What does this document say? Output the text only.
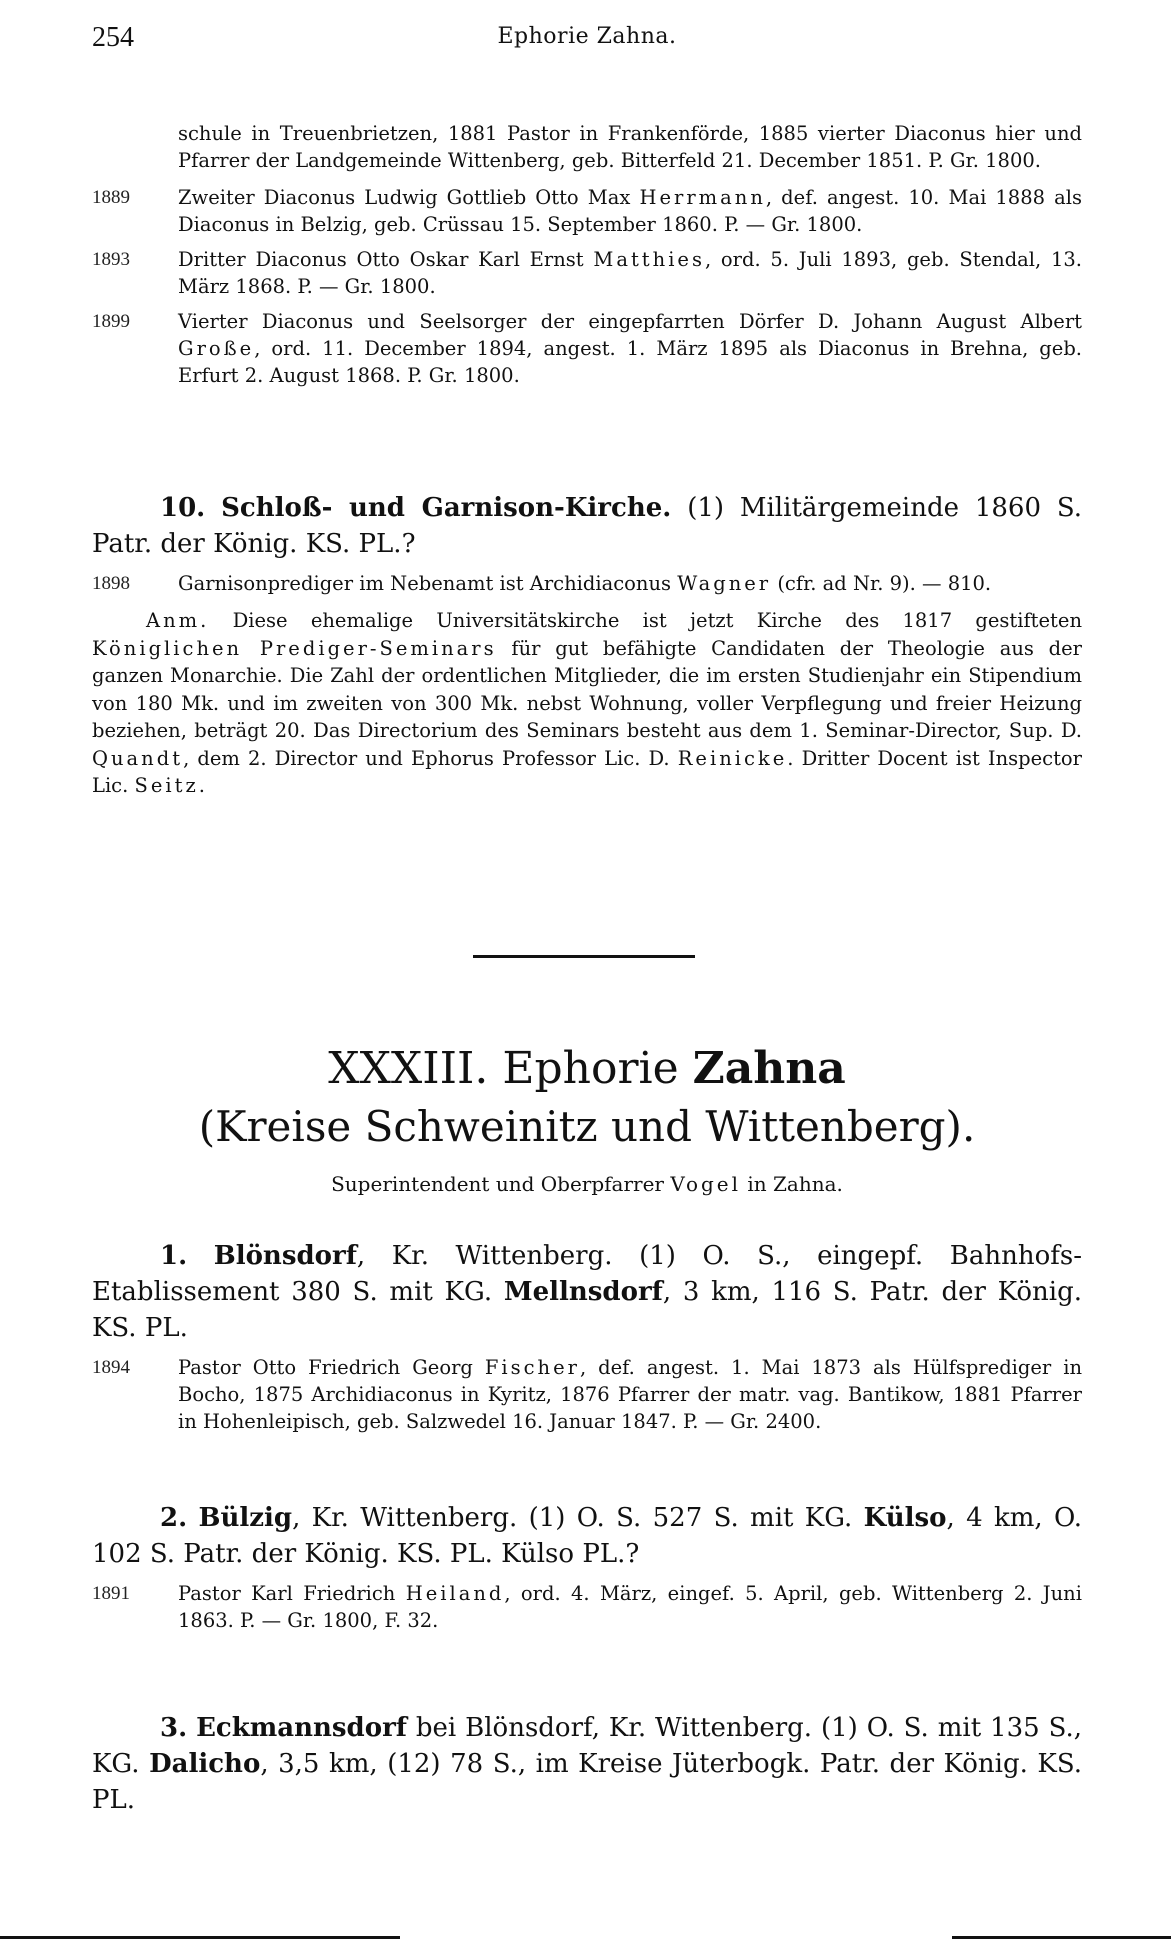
254	Ephorie Zahna.
schule in Treuenbrietzen, 1881 Pastor in Frankenförde, 1885 vierter Diaconus hier und Pfarrer der Landgemeinde Wittenberg, geb. Bitterfeld 21. December 1851. P. Gr. 1800.
1889	Zweiter Diaconus Ludwig Gottlieb Otto Max Herrmann, def. angest. 10. Mai 1888 als Diaconus in Belzig, geb. Crüssau 15. September 1860. P. — Gr. 1800.
1893	Dritter Diaconus Otto Oskar Karl Ernst Matthies, ord. 5. Juli 1893, geb. Stendal, 13. März 1868. P. — Gr. 1800.
1899	Vierter Diaconus und Seelsorger der eingepfarrten Dörfer D. Johann August Albert Große, ord. 11. December 1894, angest. 1. März 1895 als Diaconus in Brehna, geb. Erfurt 2. August 1868. P. Gr. 1800.
10. Schloß- und Garnison-Kirche. (1) Militärgemeinde 1860 S. Patr. der König. KS. PL.?
1898	Garnisonprediger im Nebenamt ist Archidiaconus Wagner (cfr. ad Nr. 9). — 810.
Anm. Diese ehemalige Universitätskirche ist jetzt Kirche des 1817 gestifteten Königlichen Prediger-Seminars für gut befähigte Candidaten der Theologie aus der ganzen Monarchie. Die Zahl der ordentlichen Mitglieder, die im ersten Studienjahr ein Stipendium von 180 Mk. und im zweiten von 300 Mk. nebst Wohnung, voller Verpflegung und freier Heizung beziehen, beträgt 20. Das Directorium des Seminars besteht aus dem 1. Seminar-Director, Sup. D. Quandt, dem 2. Director und Ephorus Professor Lic. D. Reinicke. Dritter Docent ist Inspector Lic. Seitz.
XXXIII. Ephorie Zahna
(Kreise Schweinitz und Wittenberg).
Superintendent und Oberpfarrer Vogel in Zahna.
1. Blönsdorf, Kr. Wittenberg. (1) O. S., eingepf. Bahnhofs-Etablissement 380 S. mit KG. Mellnsdorf, 3 km, 116 S. Patr. der König. KS. PL.
1894	Pastor Otto Friedrich Georg Fischer, def. angest. 1. Mai 1873 als Hülfsprediger in Bocho, 1875 Archidiaconus in Kyritz, 1876 Pfarrer der matr. vag. Bantikow, 1881 Pfarrer in Hohenleipisch, geb. Salzwedel 16. Januar 1847. P. — Gr. 2400.
2. Bülzig, Kr. Wittenberg. (1) O. S. 527 S. mit KG. Külso, 4 km, O. 102 S. Patr. der König. KS. PL. Külso PL.?
1891	Pastor Karl Friedrich Heiland, ord. 4. März, eingef. 5. April, geb. Wittenberg 2. Juni 1863. P. — Gr. 1800, F. 32.
3. Eckmannsdorf bei Blönsdorf, Kr. Wittenberg. (1) O. S. mit 135 S., KG. Dalicho, 3,5 km, (12) 78 S., im Kreise Jüterbogk. Patr. der König. KS. PL.
